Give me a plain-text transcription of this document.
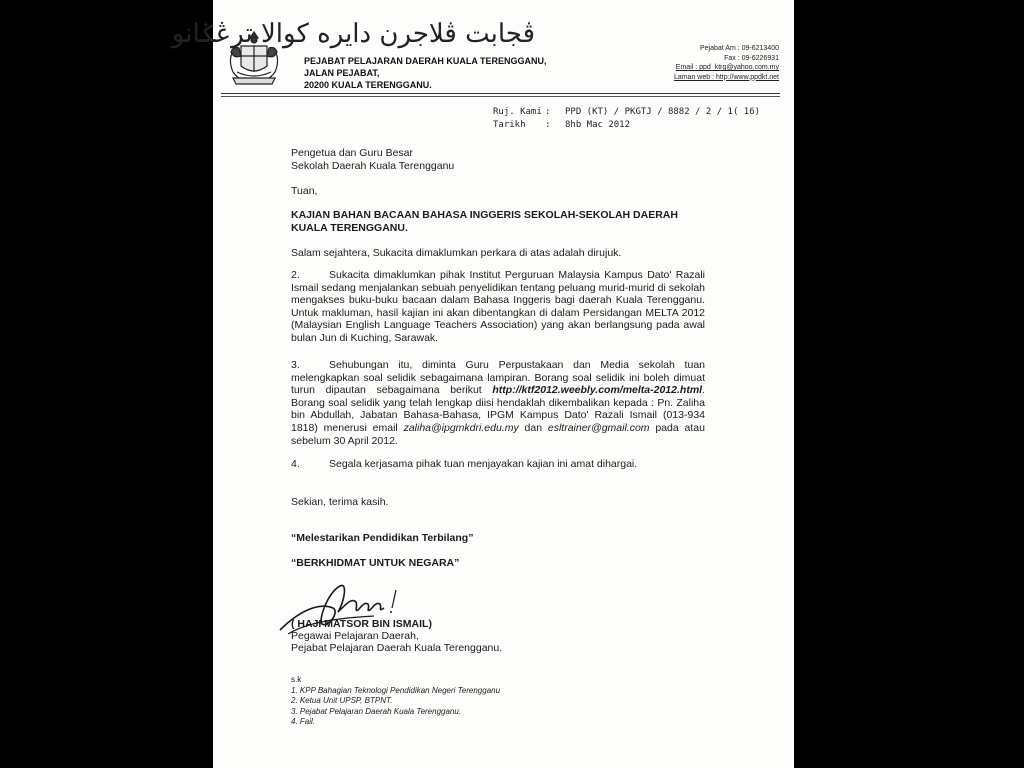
ڤجابت ڤلاجرن دايره كوالا ترڠݢانو
PEJABAT PELAJARAN DAERAH KUALA TERENGGANU,
JALAN PEJABAT,
20200 KUALA TERENGGANU.
Pejabat Am : 09-6213400
Fax : 09-6226931
Email : ppd_ktrg@yahoo.com.my
Laman web : http://www.ppdkt.net
Ruj. Kami :	PPD (KT) / PKGTJ / 8882 / 2 / 1( 16)
Tarikh	:	8hb Mac 2012
Pengetua dan Guru Besar
Sekolah Daerah Kuala Terengganu
Tuan,
KAJIAN BAHAN BACAAN BAHASA INGGERIS SEKOLAH-SEKOLAH DAERAH KUALA TERENGGANU.
Salam sejahtera, Sukacita dimaklumkan perkara di atas adalah dirujuk.
2.	Sukacita dimaklumkan pihak Institut Perguruan Malaysia Kampus Dato' Razali Ismail sedang menjalankan sebuah penyelidikan tentang peluang murid-murid di sekolah mengakses buku-buku bacaan dalam Bahasa Inggeris bagi daerah Kuala Terengganu. Untuk makluman, hasil kajian ini akan dibentangkan di dalam Persidangan MELTA 2012 (Malaysian English Language Teachers Association) yang akan berlangsung pada awal bulan Jun di Kuching, Sarawak.
3.	Sehubungan itu, diminta Guru Perpustakaan dan Media sekolah tuan melengkapkan soal selidik sebagaimana lampiran. Borang soal selidik ini boleh dimuat turun dipautan sebagaimana berikut http://ktf2012.weebly.com/melta-2012.html. Borang soal selidik yang telah lengkap diisi hendaklah dikembalikan kepada : Pn. Zaliha bin Abdullah, Jabatan Bahasa-Bahasa, IPGM Kampus Dato' Razali Ismail (013-934 1818) menerusi email zaliha@ipgmkdri.edu.my dan esltrainer@gmail.com pada atau sebelum 30 April 2012.
4.	Segala kerjasama pihak tuan menjayakan kajian ini amat dihargai.
Sekian, terima kasih.
“Melestarikan Pendidikan Terbilang”
“BERKHIDMAT UNTUK NEGARA”
( HAJI MATSOR BIN ISMAIL)
Pegawai Pelajaran Daerah,
Pejabat Pelajaran Daerah Kuala Terengganu.
s.k
1. KPP Bahagian Teknologi Pendidikan Negeri Terengganu
2. Ketua Unit UPSP, BTPNT.
3. Pejabat Pelajaran Daerah Kuala Terengganu.
4. Fail.
